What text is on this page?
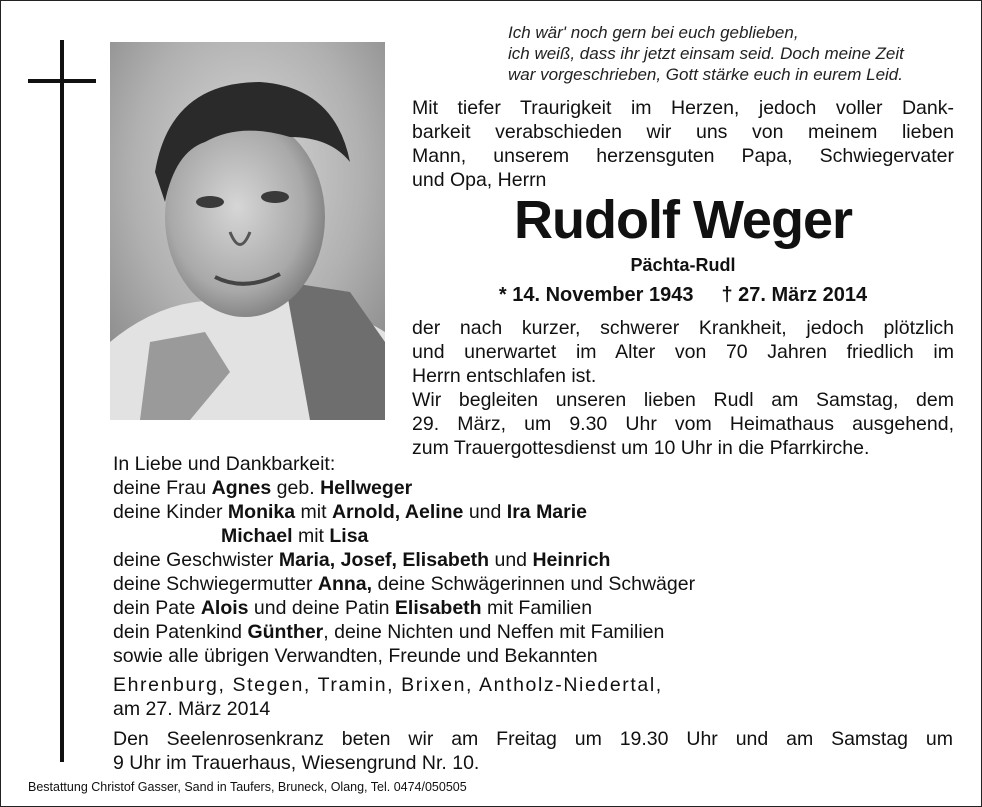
Ich wär' noch gern bei euch geblieben,
ich weiß, dass ihr jetzt einsam seid. Doch meine Zeit
war vorgeschrieben, Gott stärke euch in eurem Leid.
Mit tiefer Traurigkeit im Herzen, jedoch voller Dank-
barkeit verabschieden wir uns von meinem lieben
Mann, unserem herzensguten Papa, Schwiegervater
und Opa, Herrn
Rudolf Weger
Pächta-Rudl
* 14. November 1943 † 27. März 2014
der nach kurzer, schwerer Krankheit, jedoch plötzlich
und unerwartet im Alter von 70 Jahren friedlich im
Herrn entschlafen ist.
Wir begleiten unseren lieben Rudl am Samstag, dem
29. März, um 9.30 Uhr vom Heimathaus ausgehend,
zum Trauergottesdienst um 10 Uhr in die Pfarrkirche.
In Liebe und Dankbarkeit:
deine Frau Agnes geb. Hellweger
deine Kinder Monika mit Arnold, Aeline und Ira Marie
Michael mit Lisa
deine Geschwister Maria, Josef, Elisabeth und Heinrich
deine Schwiegermutter Anna, deine Schwägerinnen und Schwäger
dein Pate Alois und deine Patin Elisabeth mit Familien
dein Patenkind Günther, deine Nichten und Neffen mit Familien
sowie alle übrigen Verwandten, Freunde und Bekannten
Ehrenburg, Stegen, Tramin, Brixen, Antholz-Niedertal,
am 27. März 2014
Den Seelenrosenkranz beten wir am Freitag um 19.30 Uhr und am Samstag um
9 Uhr im Trauerhaus, Wiesengrund Nr. 10.
Bestattung Christof Gasser, Sand in Taufers, Bruneck, Olang, Tel. 0474/050505
